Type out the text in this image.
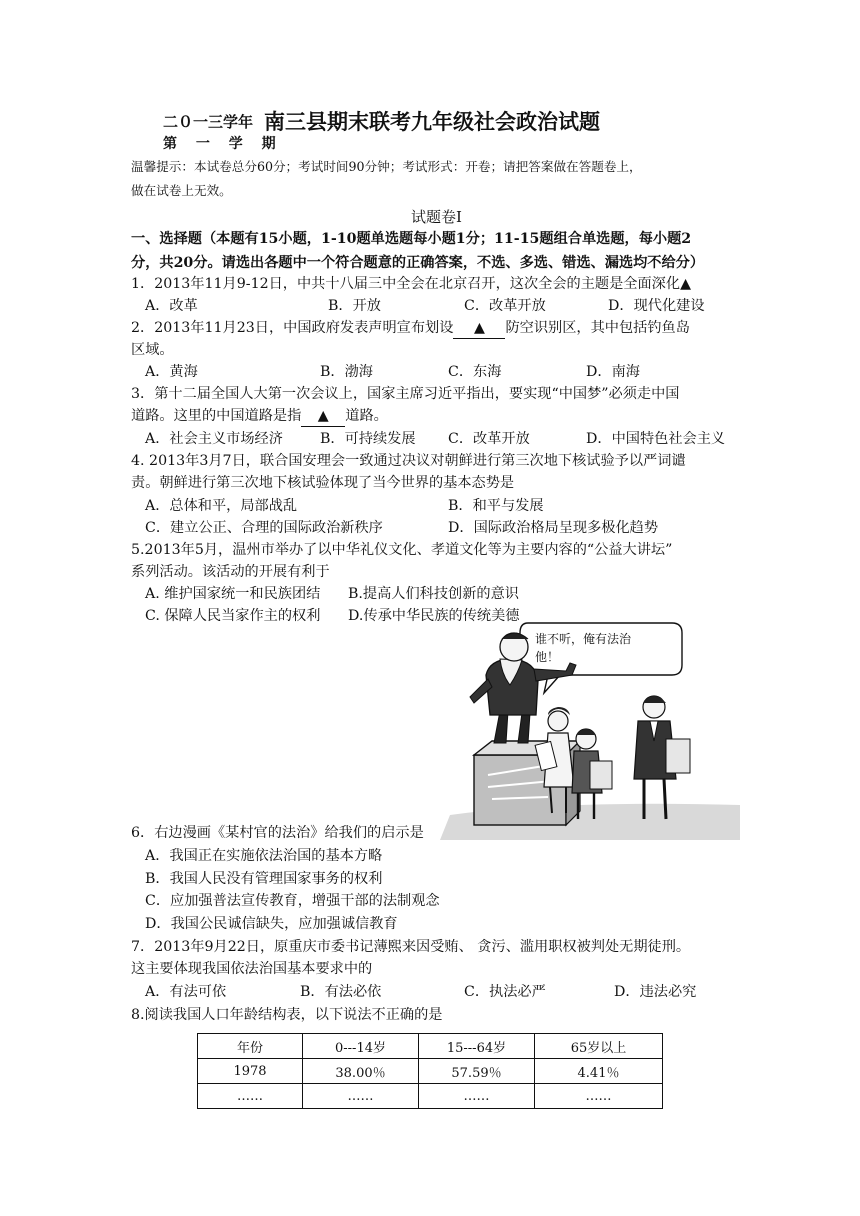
二０一三学年 南三县期末联考九年级社会政治试题
第 一 学 期
温馨提示：本试卷总分60分；考试时间90分钟；考试形式：开卷；请把答案做在答题卷上，
做在试卷上无效。
试题卷Ⅰ
一、选择题（本题有15小题，1-10题单选题每小题1分；11-15题组合单选题，每小题2
分，共20分。请选出各题中一个符合题意的正确答案，不选、多选、错选、漏选均不给分）
1．2013年11月9-12日，中共十八届三中全会在北京召开，这次全会的主题是全面深化▲
A．改革	B．开放	C．改革开放	D．现代化建设
2．2013年11月23日，中国政府发表声明宣布划设 ▲ 防空识别区，其中包括钓鱼岛
区域。
A．黄海	B．渤海	C．东海	D．南海
3．第十二届全国人大第一次会议上，国家主席习近平指出，要实现“中国梦”必须走中国
道路。这里的中国道路是指 ▲ 道路。
A．社会主义市场经济	B．可持续发展 C．改革开放	D．中国特色社会主义
4. 2013年3月7日，联合国安理会一致通过决议对朝鲜进行第三次地下核试验予以严词谴
责。朝鲜进行第三次地下核试验体现了当今世界的基本态势是
A．总体和平，局部战乱	B．和平与发展
C．建立公正、合理的国际政治新秩序	D．国际政治格局呈现多极化趋势
5.2013年5月，温州市举办了以中华礼仪文化、孝道文化等为主要内容的“公益大讲坛”
系列活动。该活动的开展有利于
A. 维护国家统一和民族团结 B.提高人们科技创新的意识
C. 保障人民当家作主的权利 D.传承中华民族的传统美德
谁不听，俺有法治
他！
6．右边漫画《某村官的法治》给我们的启示是
A．我国正在实施依法治国的基本方略
B．我国人民没有管理国家事务的权利
C．应加强普法宣传教育，增强干部的法制观念
D．我国公民诚信缺失，应加强诚信教育
7．2013年9月22日，原重庆市委书记薄熙来因受贿、 贪污、滥用职权被判处无期徒刑。
这主要体现我国依法治国基本要求中的
A．有法可依	B．有法必依	C．执法必严	D．违法必究
8.阅读我国人口年龄结构表，以下说法不正确的是
年份	0---14岁	15---64岁	65岁以上
1978	38.00％	57.59％	4.41％
……	……	……	……
